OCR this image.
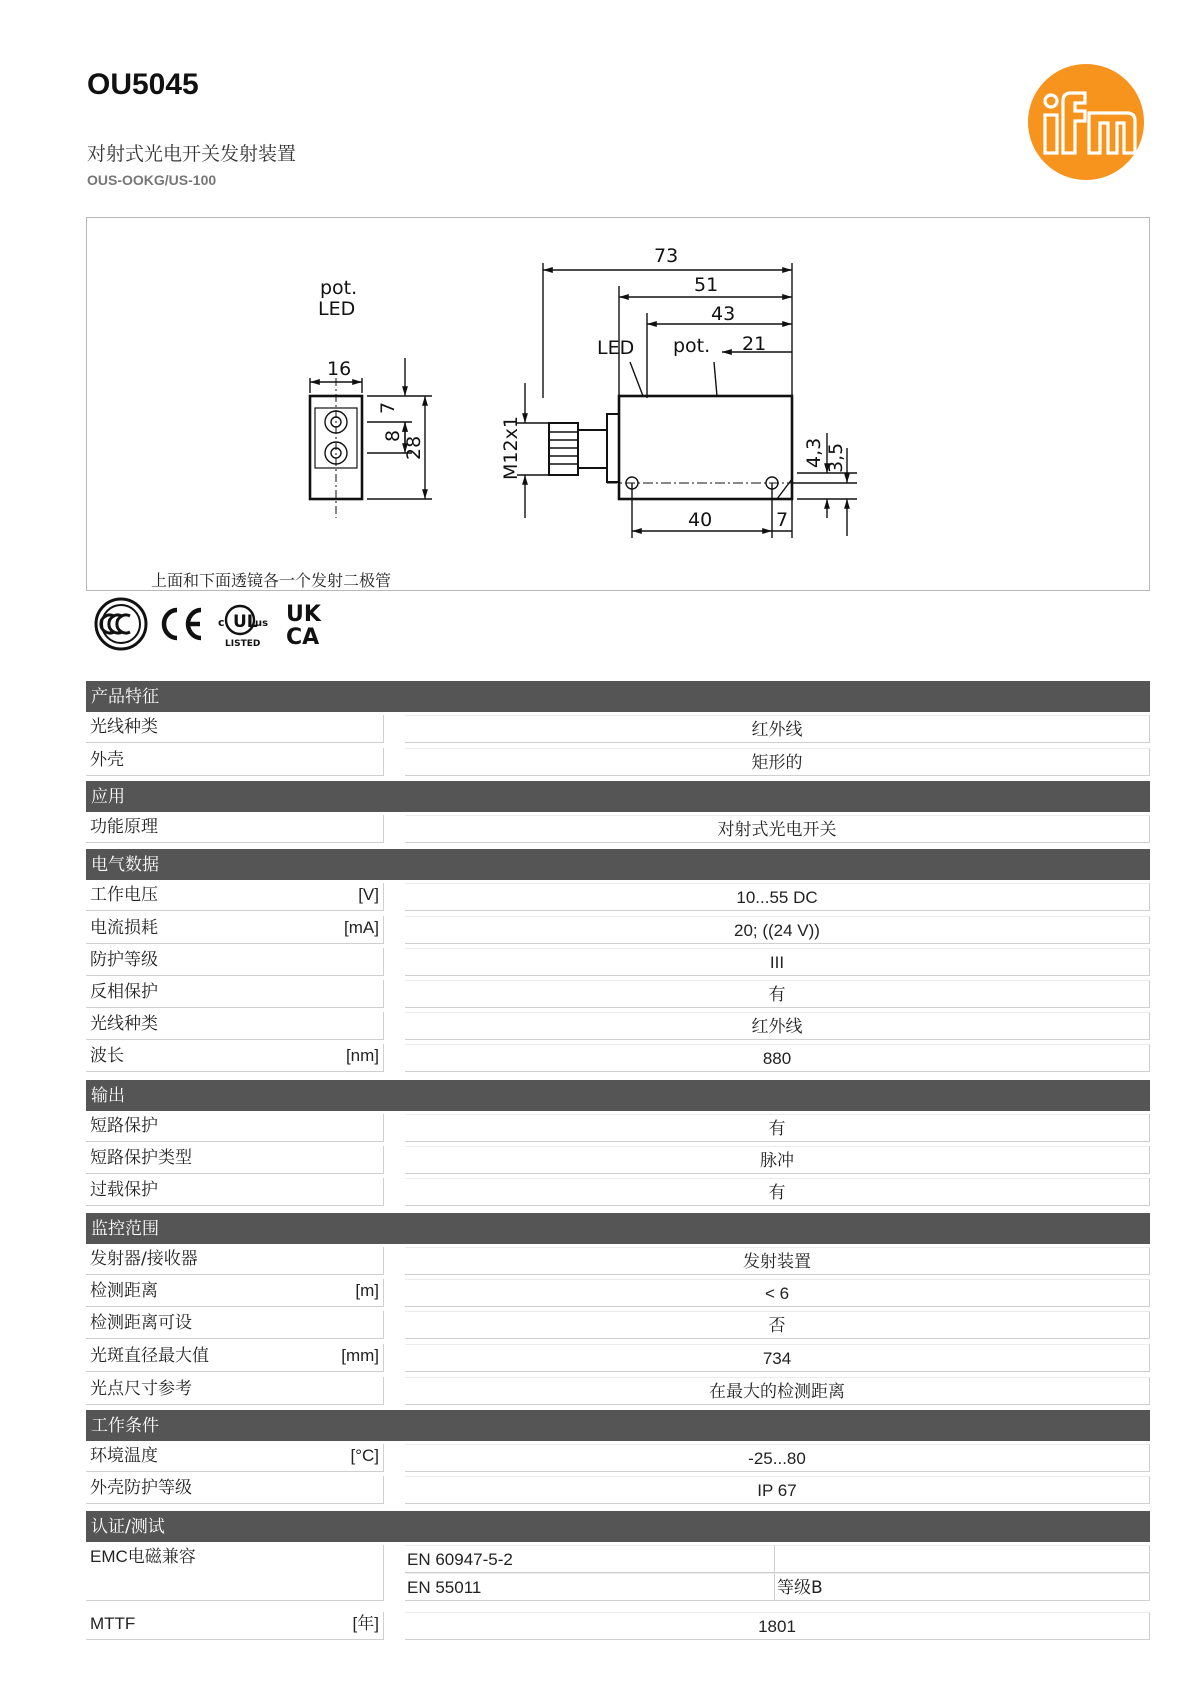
OU5045
对射式光电开关发射装置
OUS-OOKG/US-100
pot.
LED
16
7
8 28
73
51
43
LED pot. 21
M12x1	4,3 3,5
40	7
上面和下面透镜各一个发射二极管
UL
c	us
LISTED
UK
CA
产品特征
光线种类	红外线
外壳	矩形的
应用
功能原理	对射式光电开关
电气数据
工作电压	[V]	10...55 DC
电流损耗	[mA]	20; ((24 V))
防护等级	III
反相保护	有
光线种类	红外线
波长	[nm]	880
输出
短路保护	有
短路保护类型	脉冲
过载保护	有
监控范围
发射器/接收器	发射装置
检测距离	[m]	< 6
检测距离可设	否
光斑直径最大值	[mm]	734
光点尺寸参考	在最大的检测距离
工作条件
环境温度	[°C]	-25...80
外壳防护等级	IP 67
认证/测试
EMC电磁兼容	EN 60947-5-2
EN 55011	等级B
MTTF	[年]	1801
